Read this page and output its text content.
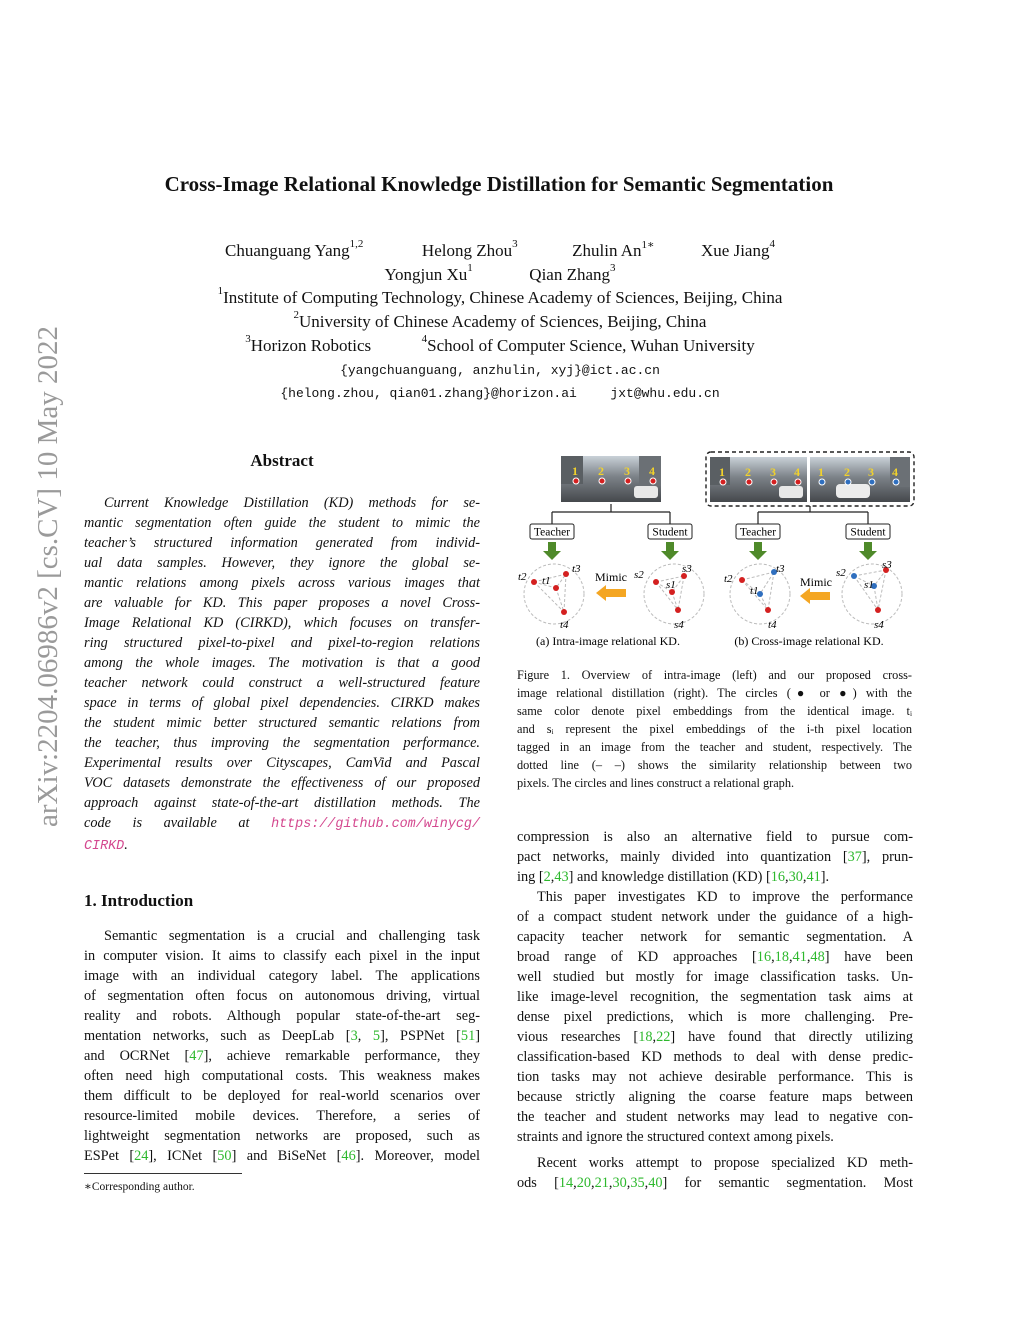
arXiv:2204.06986v2 [cs.CV] 10 May 2022
Cross-Image Relational Knowledge Distillation for Semantic Segmentation
Chuanguang Yang$^{1,2}$	Helong Zhou$^3$	Zhulin $An^{1∗}$	Xue Jiang$^4$
Yongjun Xu$^1$	Qian Zhang$^3$
$^1$Institute of Computing Technology, Chinese Academy of Sciences, Beijing, China
$^2$University of Chinese Academy of Sciences, Beijing, China
$^3$Horizon Robotics	$^4$School of Computer Science, Wuhan University
{yangchuanguang, anzhulin, xyj}@ict.ac.cn
{helong.zhou, qian01.zhang}@horizon.ai	jxt@whu.edu.cn
Abstract
Current Knowledge Distillation (KD) methods for se-
mantic segmentation often guide the student to mimic the
teacher’s structured information generated from individ-
ual data samples. However, they ignore the global se-
mantic relations among pixels across various images that
are valuable for KD. This paper proposes a novel Cross-
Image Relational KD (CIRKD), which focuses on transfer-
ring structured pixel-to-pixel and pixel-to-region relations
among the whole images. The motivation is that a good
teacher network could construct a well-structured feature
space in terms of global pixel dependencies. CIRKD makes
the student mimic better structured semantic relations from
the teacher, thus improving the segmentation performance.
Experimental results over Cityscapes, CamVid and Pascal
VOC datasets demonstrate the effectiveness of our proposed
approach against state-of-the-art distillation methods. The
code is available at https://github.com/winycg/
CIRKD.
1. Introduction
Semantic segmentation is a crucial and challenging task
in computer vision. It aims to classify each pixel in the input
image with an individual category label. The applications
of segmentation often focus on autonomous driving, virtual
reality and robots. Although popular state-of-the-art seg-
mentation networks, such as DeepLab [3, 5], PSPNet [51]
and OCRNet [47], achieve remarkable performance, they
often need high computational costs. This weakness makes
them difficult to be deployed for real-world scenarios over
resource-limited mobile devices. Therefore, a series of
lightweight segmentation networks are proposed, such as
ESPet [24], ICNet [50] and BiSeNet [46]. Moreover, model
∗Corresponding author.
1 2 3 4	1 2 3 4 1 2 3 4
Teacher	Student	Teacher	Student
t2 t1
t3
t4
s2
s1
s3
s4
t2
t1
t3
t4
s2
s1
s3
s4
Mimic	Mimic
(a) Intra-image relational KD.	(b) Cross-image relational KD.
Figure 1. Overview of intra-image (left) and our proposed cross-
image relational distillation (right). The circles (● or ●) with the
same color denote pixel embeddings from the identical image. tᵢ
and sᵢ represent the pixel embeddings of the i-th pixel location
tagged in an image from the teacher and student, respectively. The
dotted line (– –) shows the similarity relationship between two
pixels. The circles and lines construct a relational graph.
compression is also an alternative field to pursue com-
pact networks, mainly divided into quantization [37], prun-
ing [2,43] and knowledge distillation (KD) [16,30,41].
This paper investigates KD to improve the performance
of a compact student network under the guidance of a high-
capacity teacher network for semantic segmentation. A
broad range of KD approaches [16,18,41,48] have been
well studied but mostly for image classification tasks. Un-
like image-level recognition, the segmentation task aims at
dense pixel predictions, which is more challenging. Pre-
vious researches [18,22] have found that directly utilizing
classification-based KD methods to deal with dense predic-
tion tasks may not achieve desirable performance. This is
because strictly aligning the coarse feature maps between
the teacher and student networks may lead to negative con-
straints and ignore the structured context among pixels.
Recent works attempt to propose specialized KD meth-
ods [14,20,21,30,35,40] for semantic segmentation. Most
